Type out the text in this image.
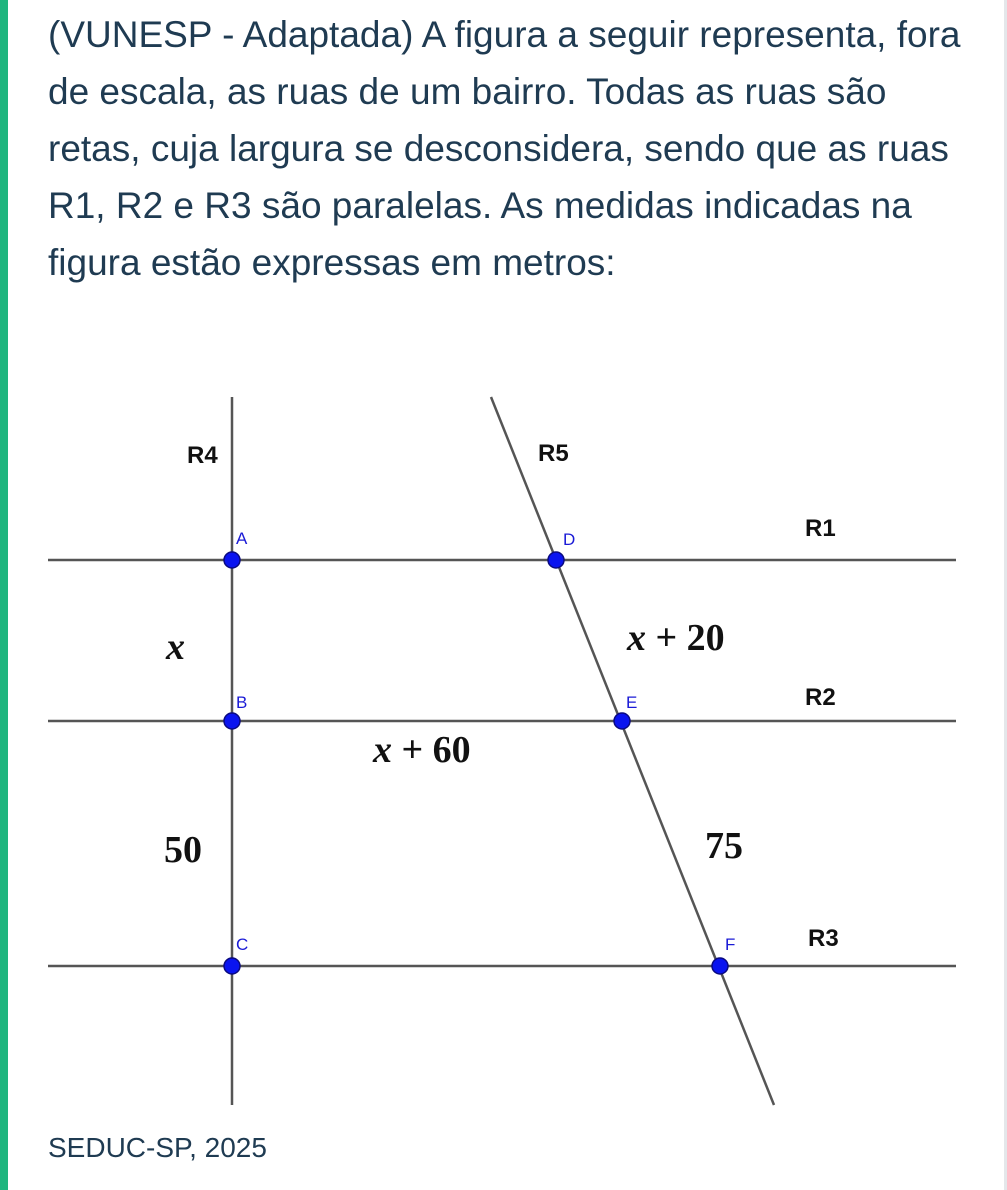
(VUNESP - Adaptada) A figura a seguir representa, fora de escala, as ruas de um bairro. Todas as ruas são retas, cuja largura se desconsidera, sendo que as ruas R1, R2 e R3 são paralelas. As medidas indicadas na figura estão expressas em metros:

R4	R5
R1
R2
R3
A
B
C
D
E
F
x	x + 20
x + 60
50	75

SEDUC-SP, 2025
